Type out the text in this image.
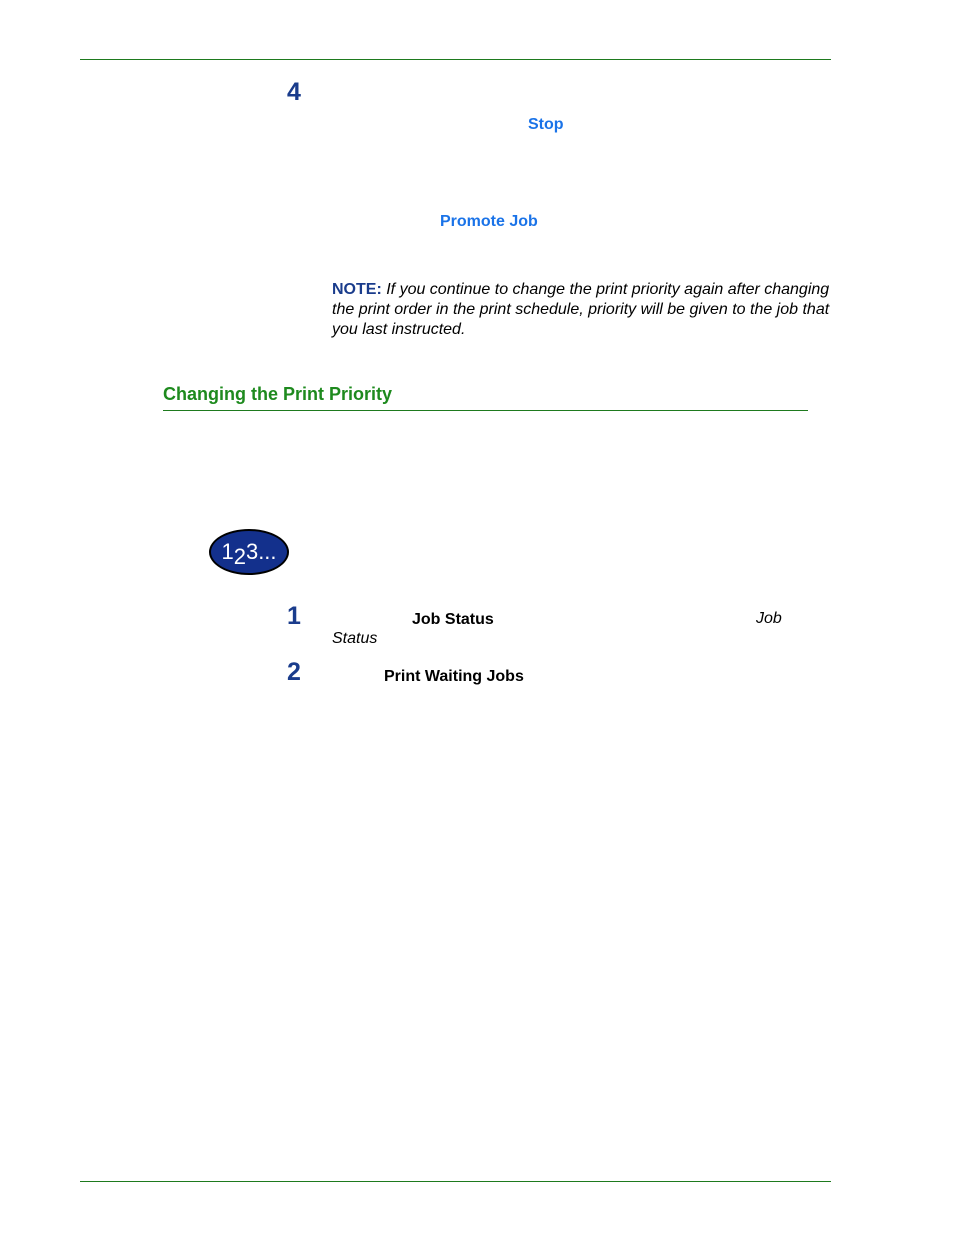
4
Stop
Promote Job
NOTE: If you continue to change the print priority again after changing the print order in the print schedule, priority will be given to the job that you last instructed.
Changing the Print Priority
1 2 3...
1	Job Status	Job
Status
2	Print Waiting Jobs
